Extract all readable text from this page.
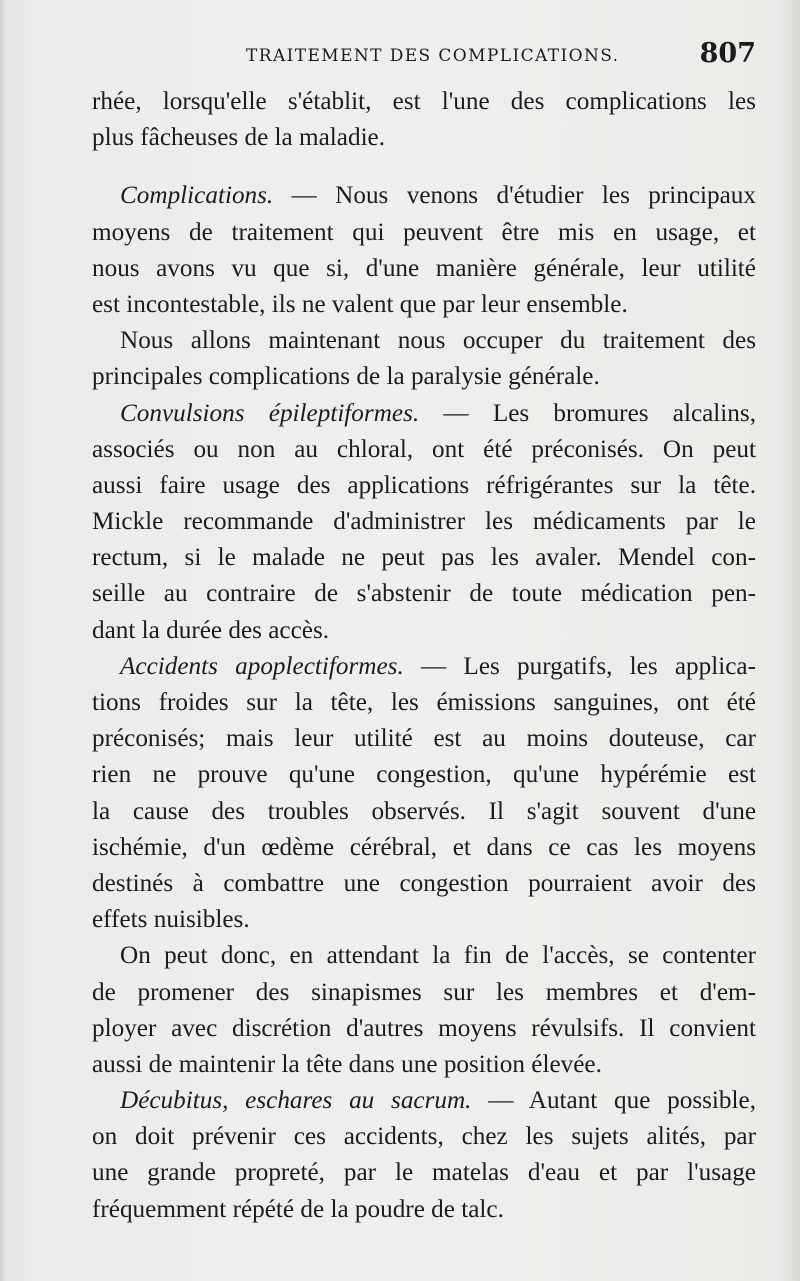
TRAITEMENT DES COMPLICATIONS.	807
rhée, lorsqu'elle s'établit, est l'une des complications les
plus fâcheuses de la maladie.
Complications. — Nous venons d'étudier les principaux
moyens de traitement qui peuvent être mis en usage, et
nous avons vu que si, d'une manière générale, leur utilité
est incontestable, ils ne valent que par leur ensemble.
Nous allons maintenant nous occuper du traitement des
principales complications de la paralysie générale.
Convulsions épileptiformes. — Les bromures alcalins,
associés ou non au chloral, ont été préconisés. On peut
aussi faire usage des applications réfrigérantes sur la tête.
Mickle recommande d'administrer les médicaments par le
rectum, si le malade ne peut pas les avaler. Mendel con-
seille au contraire de s'abstenir de toute médication pen-
dant la durée des accès.
Accidents apoplectiformes. — Les purgatifs, les applica-
tions froides sur la tête, les émissions sanguines, ont été
préconisés; mais leur utilité est au moins douteuse, car
rien ne prouve qu'une congestion, qu'une hypérémie est
la cause des troubles observés. Il s'agit souvent d'une
ischémie, d'un œdème cérébral, et dans ce cas les moyens
destinés à combattre une congestion pourraient avoir des
effets nuisibles.
On peut donc, en attendant la fin de l'accès, se contenter
de promener des sinapismes sur les membres et d'em-
ployer avec discrétion d'autres moyens révulsifs. Il convient
aussi de maintenir la tête dans une position élevée.
Décubitus, eschares au sacrum. — Autant que possible,
on doit prévenir ces accidents, chez les sujets alités, par
une grande propreté, par le matelas d'eau et par l'usage
fréquemment répété de la poudre de talc.
